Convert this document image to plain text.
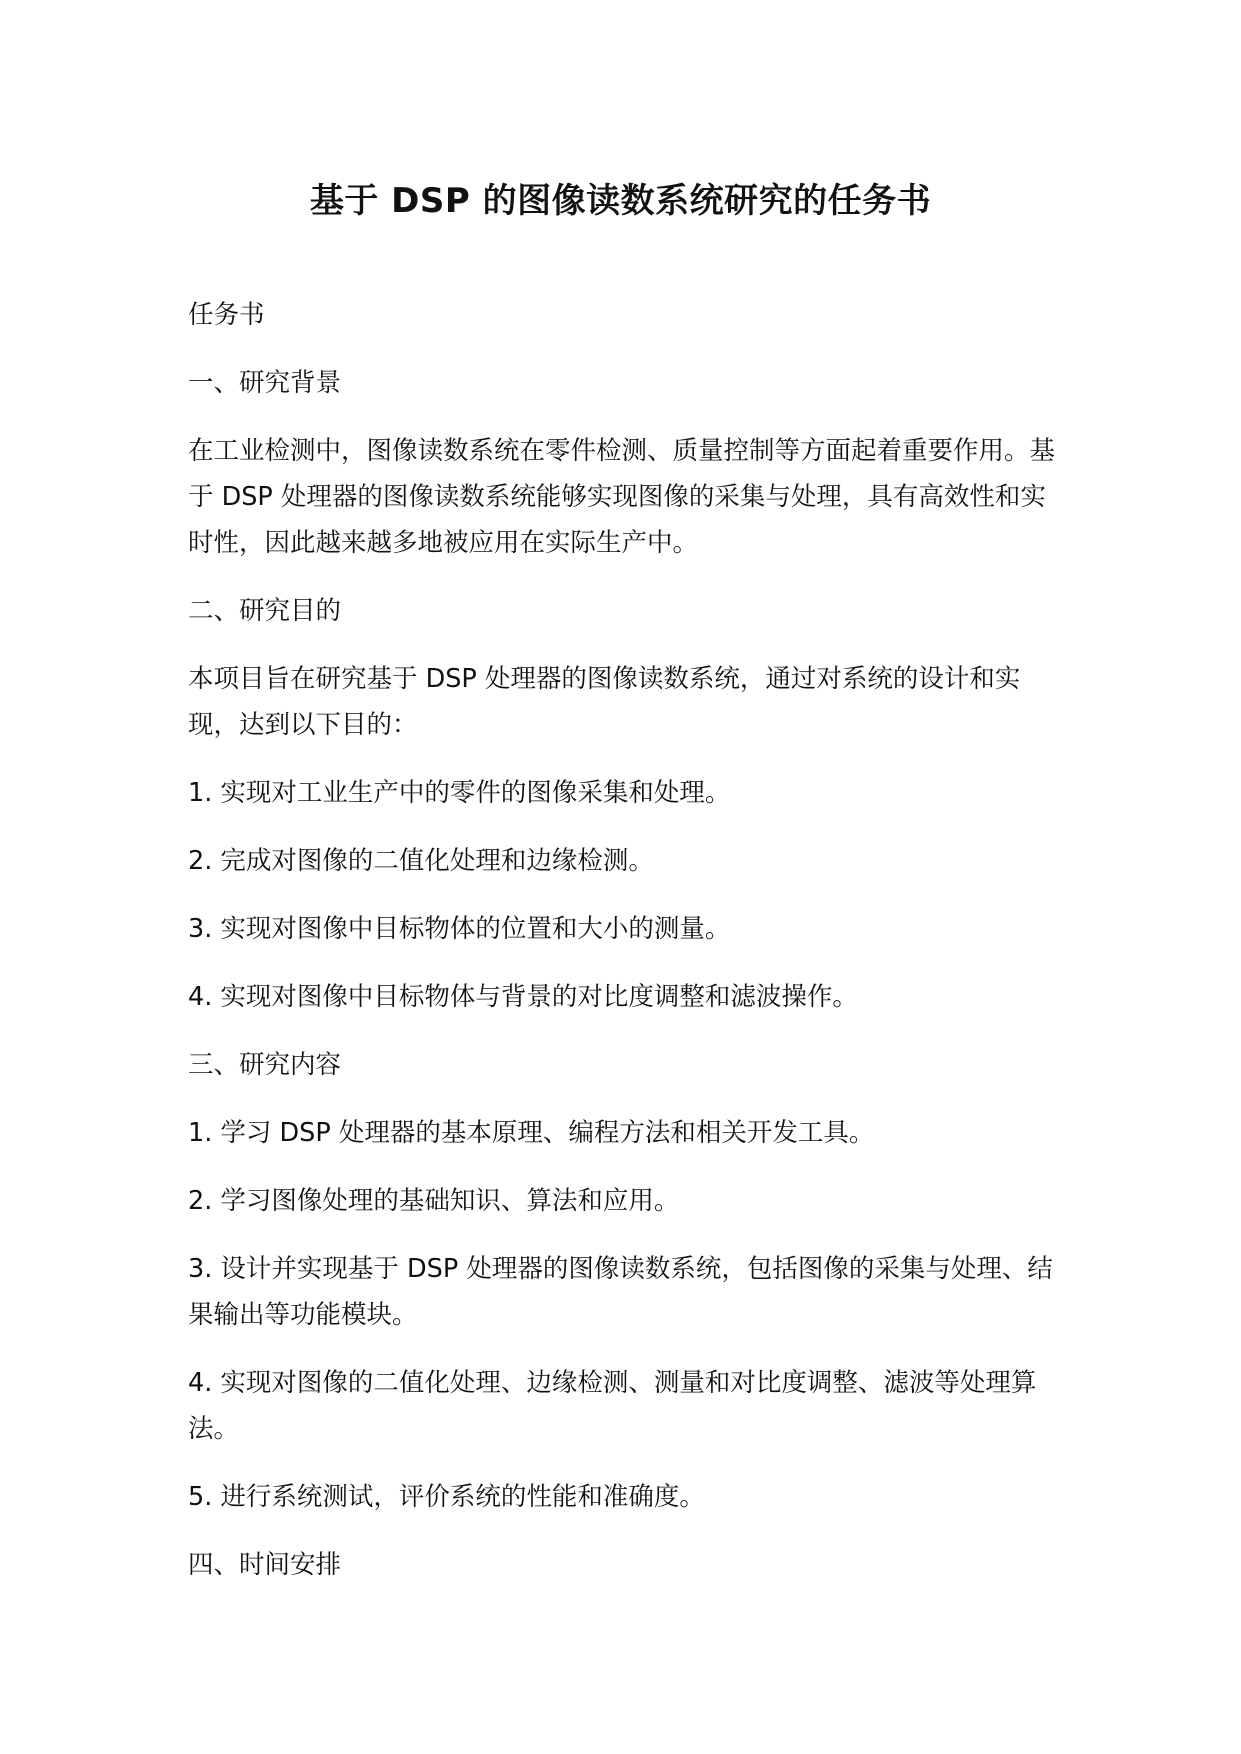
基于 DSP 的图像读数系统研究的任务书

任务书

一、研究背景

在工业检测中，图像读数系统在零件检测、质量控制等方面起着重要作用。基于 DSP 处理器的图像读数系统能够实现图像的采集与处理，具有高效性和实时性，因此越来越多地被应用在实际生产中。

二、研究目的

本项目旨在研究基于 DSP 处理器的图像读数系统，通过对系统的设计和实现，达到以下目的：

1. 实现对工业生产中的零件的图像采集和处理。

2. 完成对图像的二值化处理和边缘检测。

3. 实现对图像中目标物体的位置和大小的测量。

4. 实现对图像中目标物体与背景的对比度调整和滤波操作。

三、研究内容

1. 学习 DSP 处理器的基本原理、编程方法和相关开发工具。

2. 学习图像处理的基础知识、算法和应用。

3. 设计并实现基于 DSP 处理器的图像读数系统，包括图像的采集与处理、结果输出等功能模块。

4. 实现对图像的二值化处理、边缘检测、测量和对比度调整、滤波等处理算法。

5. 进行系统测试，评价系统的性能和准确度。

四、时间安排
